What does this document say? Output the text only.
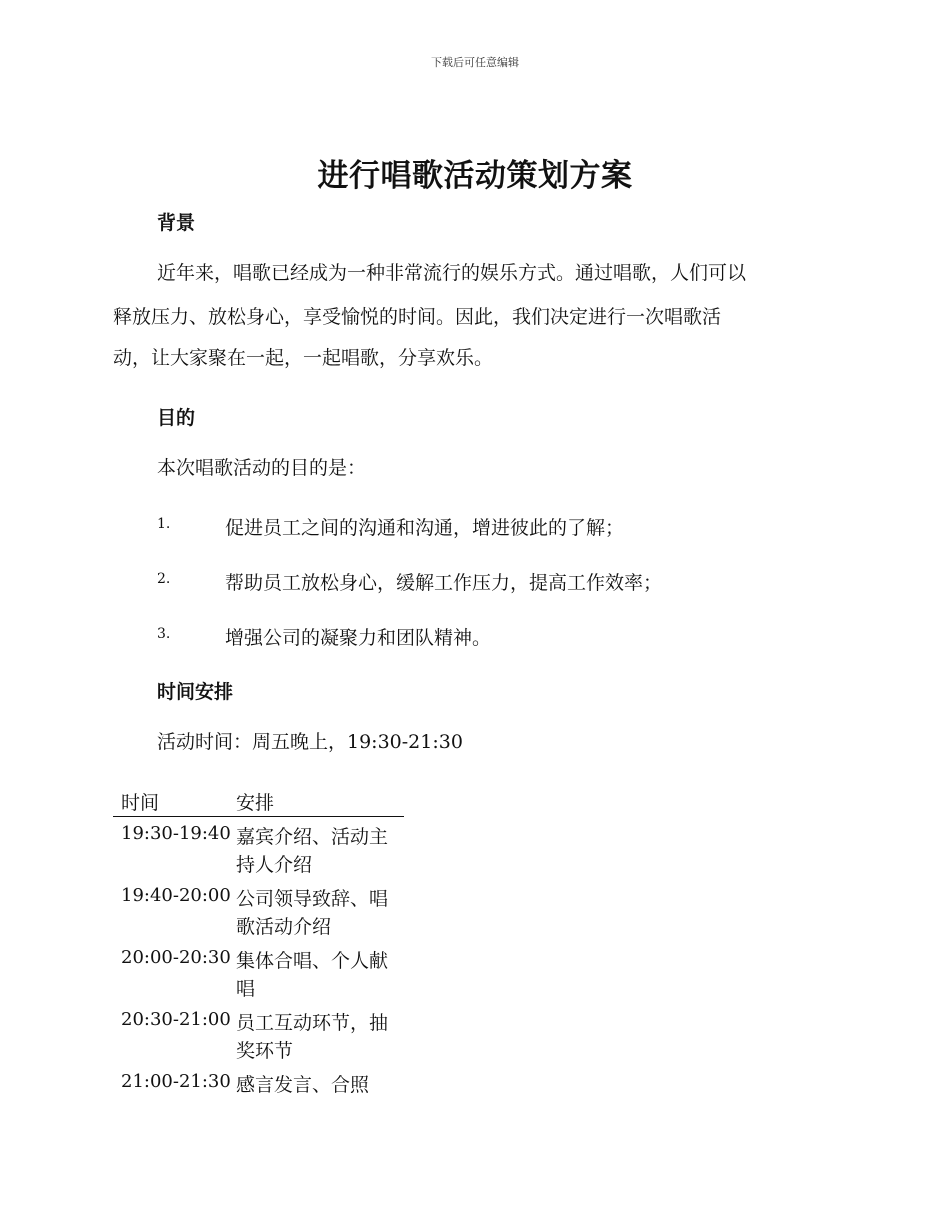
下载后可任意编辑
进行唱歌活动策划方案
背景
近年来，唱歌已经成为一种非常流行的娱乐方式。通过唱歌，人们可以
释放压力、放松身心，享受愉悦的时间。因此，我们决定进行一次唱歌活
动，让大家聚在一起，一起唱歌，分享欢乐。
目的
本次唱歌活动的目的是：
1.	促进员工之间的沟通和沟通，增进彼此的了解；
2.	帮助员工放松身心，缓解工作压力，提高工作效率；
3.	增强公司的凝聚力和团队精神。
时间安排
活动时间：周五晚上，19:30-21:30
时间	安排
19:30-19:40 嘉宾介绍、活动主持人介绍
19:40-20:00 公司领导致辞、唱歌活动介绍
20:00-20:30 集体合唱、个人献唱
20:30-21:00 员工互动环节，抽奖环节
21:00-21:30 感言发言、合照
